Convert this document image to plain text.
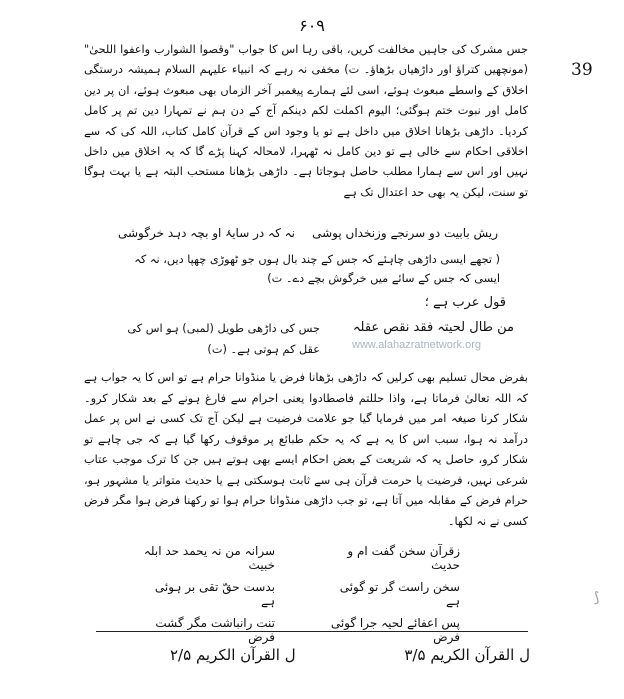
۶۰۹
39

جس مشرک کی جاہیں مخالفت کریں، باقی رہا اس کا جواب "وقصوا الشوارب واعفوا اللحیٰ" (مونچھیں کتراؤ اور داڑھیاں بڑھاؤ۔ ت) مخفی نہ رہے کہ انبیاء علیہم السلام ہمیشہ درستگی اخلاق کے واسطے مبعوث ہوئے، اسی لئے ہمارے پیغمبر آخر الزماں بھی مبعوث ہوئے، ان پر دین کامل اور نبوت ختم ہوگئی؛ الیوم اکملت لکم دینکم آج کے دن ہم نے تمہارا دین تم پر کامل کردیا۔ داڑھی بڑھانا اخلاق میں داخل ہے تو یا وجود اس کے قرآن کامل کتاب، اللہ کی کہ سے اخلاقی احکام سے خالی ہے تو دین کامل نہ ٹھہرا، لامحالہ کہنا پڑے گا کہ یہ اخلاق میں داخل نہیں اور اس سے ہمارا مطلب حاصل ہوجاتا ہے۔ داڑھی بڑھانا مستحب البتہ ہے یا بہت ہوگا تو سنت، لیکن یہ بھی حد اعتدال تک ہے

ریش بابیت دو سرنجے وزنخداں پوشی
نہ کہ در سایۂ او بچہ دہد خرگوشی
( تجھے ایسی داڑھی چاہئے کہ جس کے چند بال ہوں جو ٹھوڑی چھپا دیں، نہ کہ ایسی کہ جس کے سائے میں خرگوش بچے دے۔ ت)
قول عرب ہے ؛
من طال لحیتہ فقد نقص عقلہ
جس کی داڑھی طویل (لمبی) ہو اس کی عقل کم ہوتی ہے۔ (ت)	www.alahazratnetwork.org
بفرض محال تسلیم بھی کرلیں کہ داڑھی بڑھانا فرض یا منڈوانا حرام ہے تو اس کا یہ جواب ہے کہ اللہ تعالیٰ فرماتا ہے، واذا حللتم فاصطادوا یعنی احرام سے فارغ ہونے کے بعد شکار کرو۔ شکار کرنا صیغہ امر میں فرمایا گیا جو علامت فرضیت ہے لیکن آج تک کسی نے اس پر عمل درآمد نہ ہوا، سبب اس کا یہ ہے کہ یہ حکم طبائع پر موقوف رکھا گیا ہے کہ جی چاہے تو شکار کرو، حاصل یہ کہ شریعت کے بعض احکام ایسے بھی ہوتے ہیں جن کا ترک موجب عتاب شرعی نہیں، فرضیت یا حرمت قرآن ہی سے ثابت ہوسکتی ہے یا حدیث متواتر یا مشہور ہو، حرام فرض کے مقابلہ میں آتا ہے، تو جب داڑھی منڈوانا حرام ہوا تو رکھنا فرض ہوا مگر فرض کسی نے نہ لکھا۔
زقرآن سخن گفت ام و حدیث
سرانہ من نہ یحمد حد ابلہ خبیث
سخن راست گر تو گوئی ہے
بدست حقّ تقی بر ہوئی ہے
پس اعفائے لحیہ جرا گوئی فرض
تنت رانباشت مگر گشت فرض
⟆
ل القرآن الکریم ۳/۵
ل القرآن الکریم ۲/۵
